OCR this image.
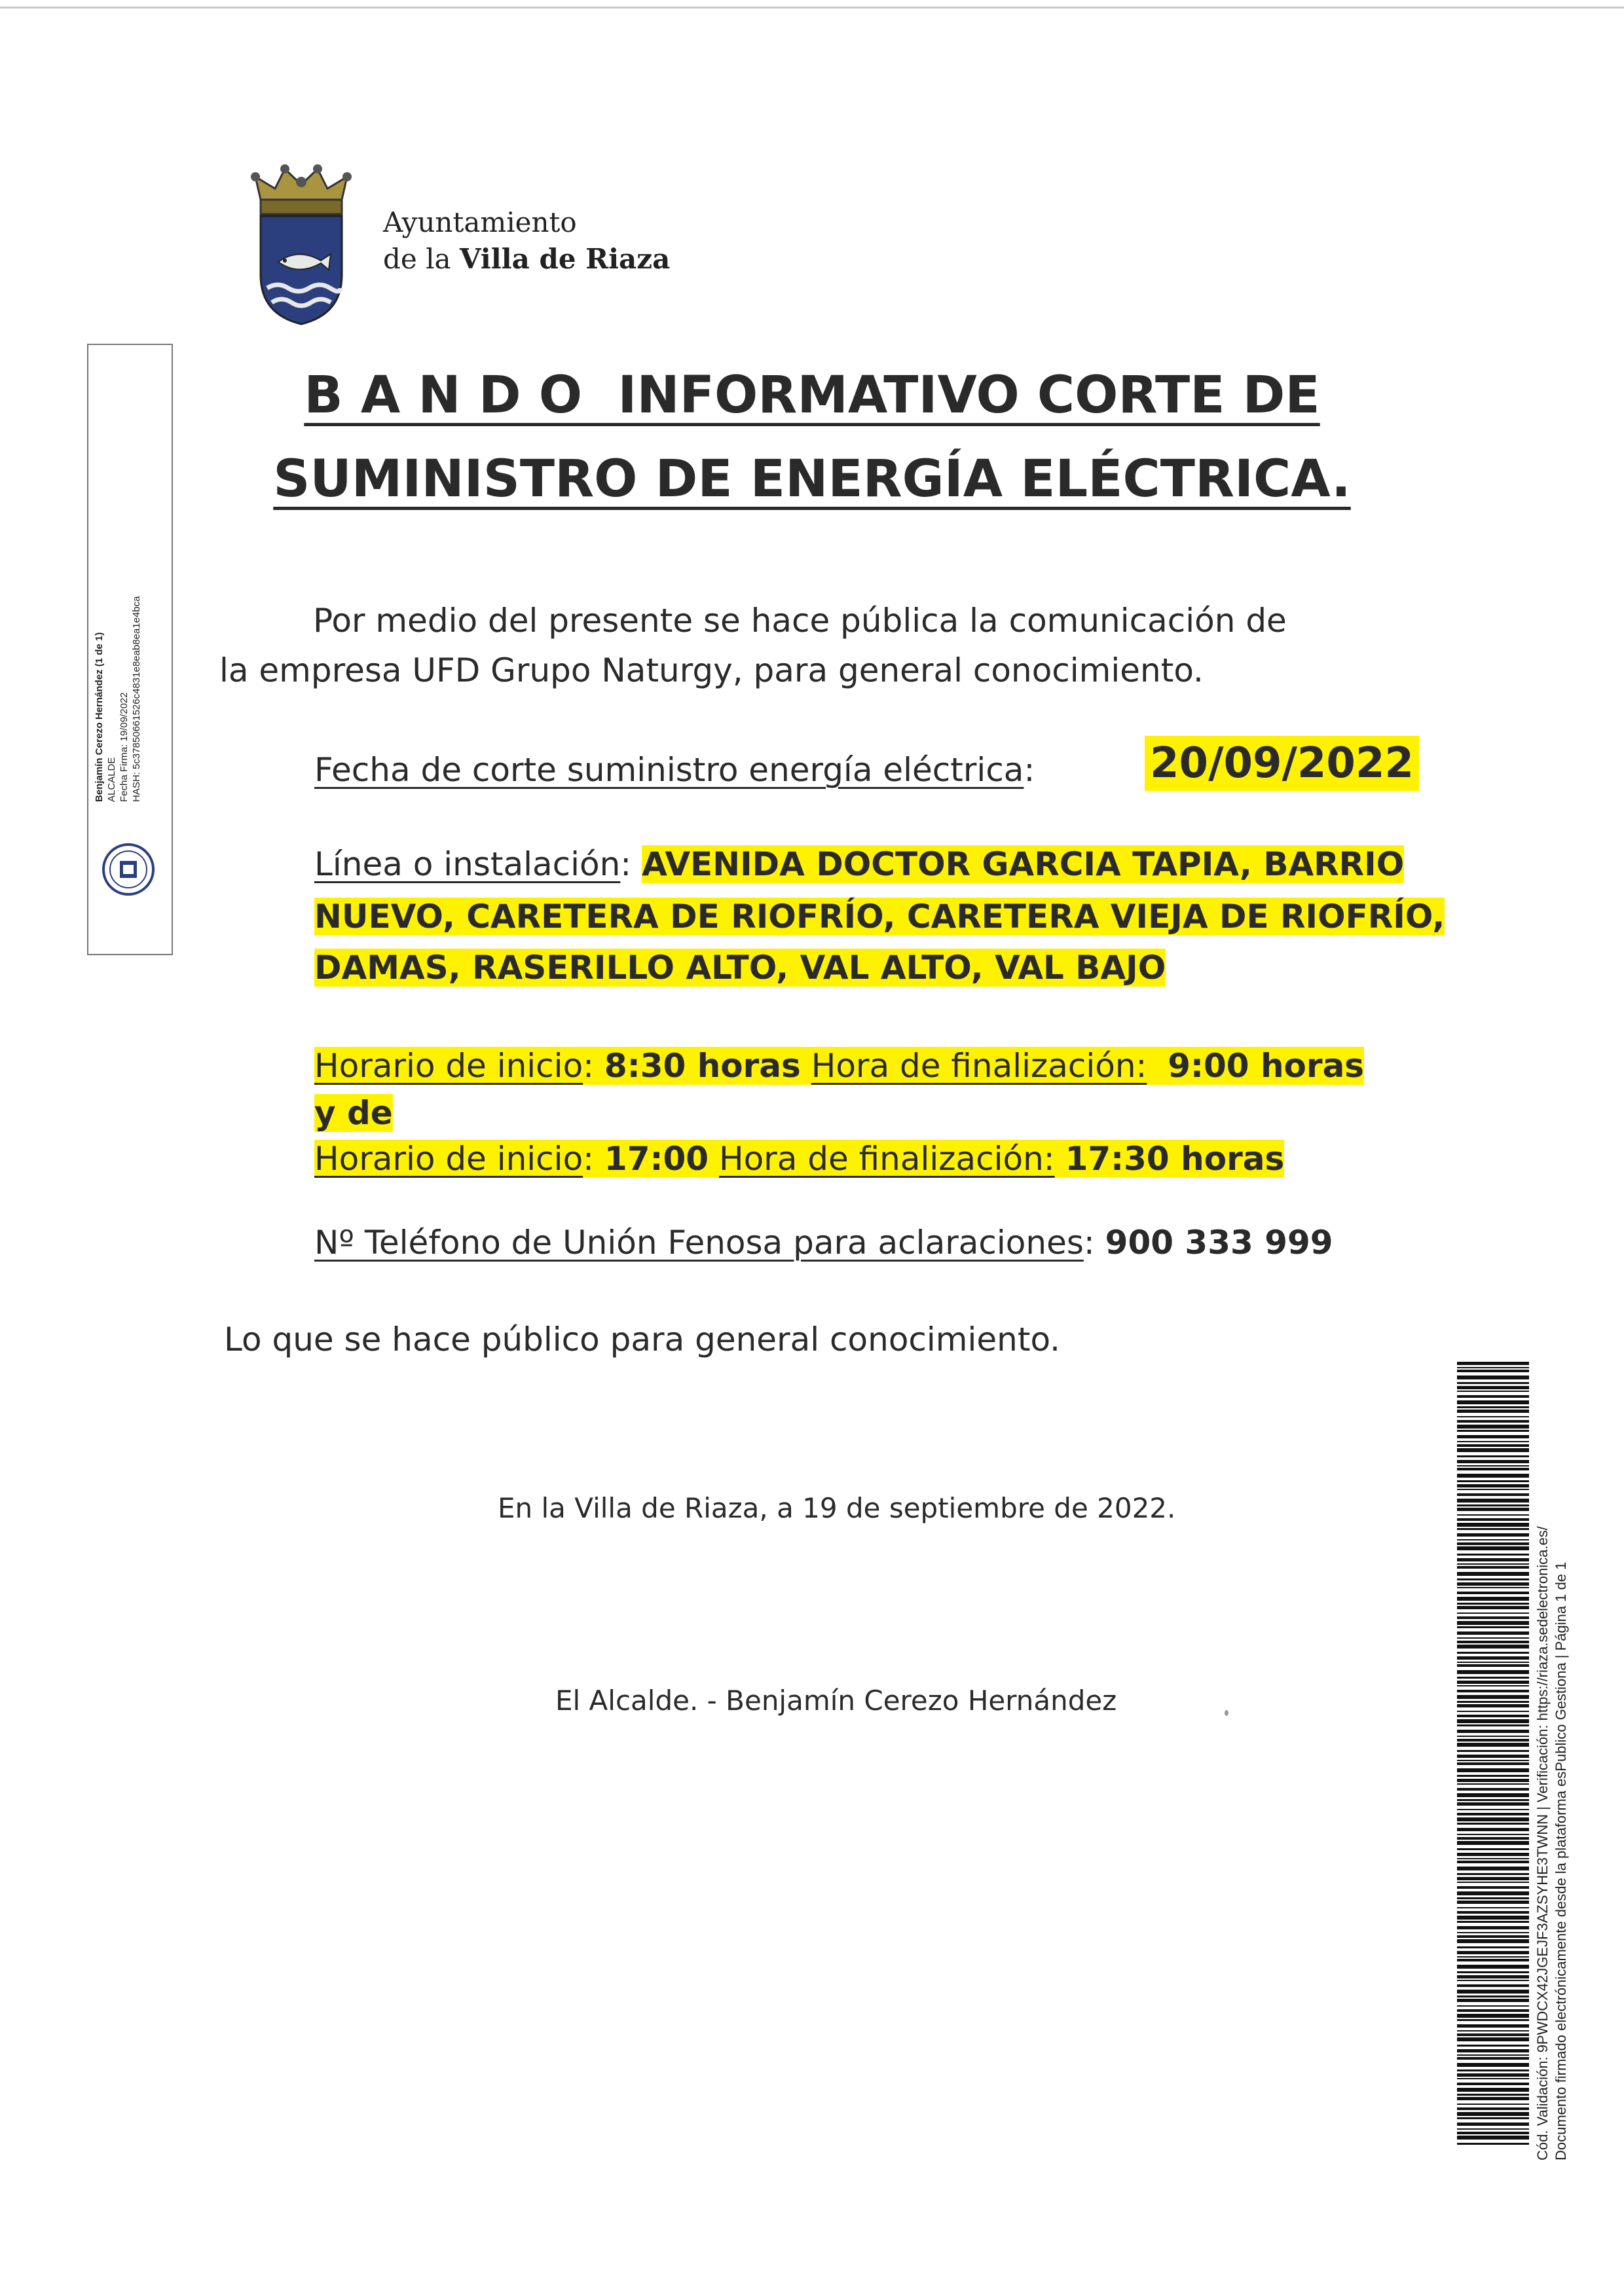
Ayuntamiento
de la Villa de Riaza
Benjamín Cerezo Hernández (1 de 1) ALCALDE Fecha Firma: 19/09/2022 HASH: 5c37850661526c4831e8eab8ea1e4bca
B A N D O  INFORMATIVO CORTE DE
SUMINISTRO DE ENERGÍA ELÉCTRICA.
Por medio del presente se hace pública la comunicación de
la empresa UFD Grupo Naturgy, para general conocimiento.
Fecha de corte suministro energía eléctrica:	20/09/2022
Línea o instalación: AVENIDA DOCTOR GARCIA TAPIA, BARRIO
NUEVO, CARETERA DE RIOFRÍO, CARETERA VIEJA DE RIOFRÍO,
DAMAS, RASERILLO ALTO, VAL ALTO, VAL BAJO
Horario de inicio: 8:30 horas Hora de finalización: 9:00 horas
y de
Horario de inicio: 17:00 Hora de finalización: 17:30 horas
Nº Teléfono de Unión Fenosa para aclaraciones: 900 333 999
Lo que se hace público para general conocimiento.
En la Villa de Riaza, a 19 de septiembre de 2022.
El Alcalde. - Benjamín Cerezo Hernández	Cód. Validación: 9PWDCX42JGEJF3AZSYHE3TWNN | Verificación: https://riaza.sedelectronica.es/ Documento firmado electrónicamente desde la plataforma esPublico Gestiona | Página 1 de 1
